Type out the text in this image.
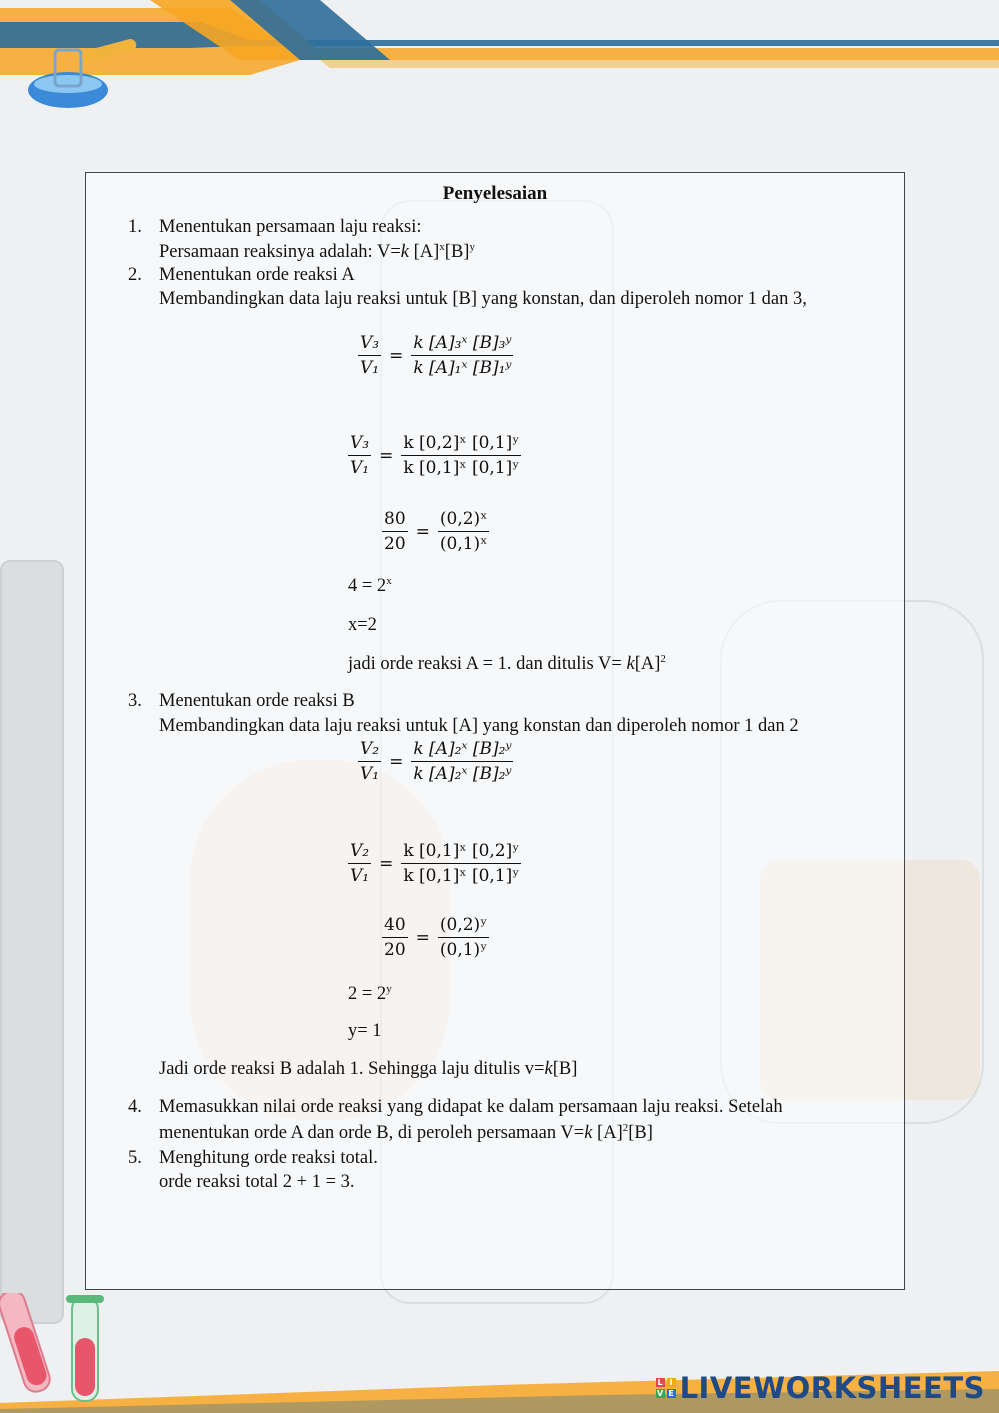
Penyelesaian
1. Menentukan persamaan laju reaksi:
Persamaan reaksinya adalah: V=k $[A]^x[B]^y$
2. Menentukan orde reaksi A
Membandingkan data laju reaksi untuk [B] yang konstan, dan diperoleh nomor 1 dan 3,
$\frac{\text{V₃}}{\text{V₁}} = \frac{\text{k [A]₃ˣ [B]₃ʸ}}{\text{k [A]₁ˣ [B]₁ʸ}}$
$\frac{\text{V₃}}{\text{V₁}} = \frac{\text{k [0,2]ˣ [0,1]ʸ}}{\text{k [0,1]ˣ [0,1]ʸ}}$
$\frac{80}{20} = \frac{\text{(0,2)ˣ}}{\text{(0,1)ˣ}}$
$4 = 2^x$
x=2
jadi orde reaksi A = 1. dan ditulis $V= k[A]^2$
3. Menentukan orde reaksi B
Membandingkan data laju reaksi untuk [A] yang konstan dan diperoleh nomor 1 dan 2
$\frac{\text{V₂}}{\text{V₁}} = \frac{\text{k [A]₂ˣ [B]₂ʸ}}{\text{k [A]₂ˣ [B]₂ʸ}}$
$\frac{\text{V₂}}{\text{V₁}} = \frac{\text{k [0,1]ˣ [0,2]ʸ}}{\text{k [0,1]ˣ [0,1]ʸ}}$
$\frac{40}{20} = \frac{\text{(0,2)ʸ}}{\text{(0,1)ʸ}}$
$2 = 2^y$
y= 1
Jadi orde reaksi B adalah 1. Sehingga laju ditulis v=k[B]
4. Memasukkan nilai orde reaksi yang didapat ke dalam persamaan laju reaksi. Setelah
menentukan orde A dan orde B, di peroleh persamaan V=k $[A]^2[B]$
5. Menghitung orde reaksi total.
orde reaksi total 2 + 1 = 3.
L I
V E LIVEWORKSHEETS
